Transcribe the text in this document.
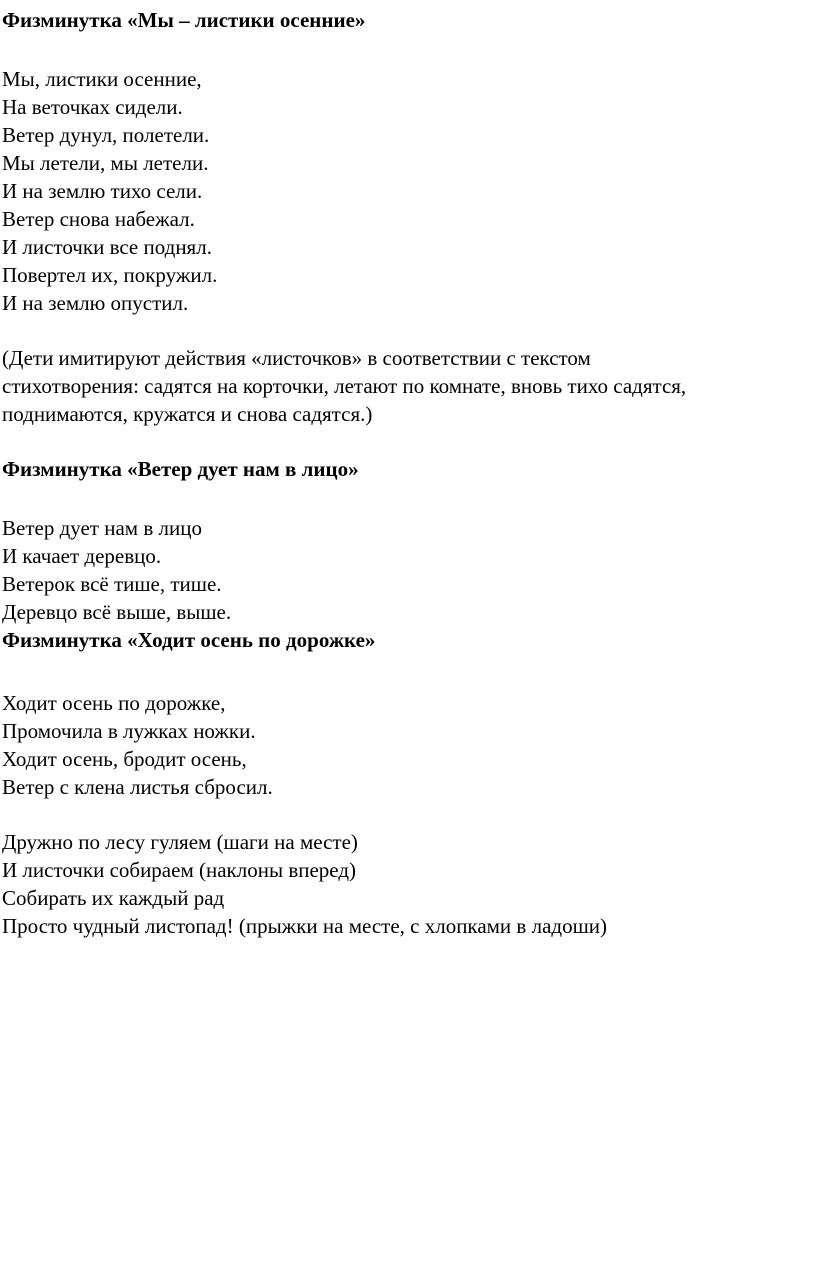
Физминутка «Мы – листики осенние»
Мы, листики осенние,
На веточках сидели.
Ветер дунул, полетели.
Мы летели, мы летели.
И на землю тихо сели.
Ветер снова набежал.
И листочки все поднял.
Повертел их, покружил.
И на землю опустил.
(Дети имитируют действия «листочков» в соответствии с текстом
стихотворения: садятся на корточки, летают по комнате, вновь тихо садятся,
поднимаются, кружатся и снова садятся.)
Физминутка «Ветер дует нам в лицо»
Ветер дует нам в лицо
И качает деревцо.
Ветерок всё тише, тише.
Деревцо всё выше, выше.
Физминутка «Ходит осень по дорожке»
Ходит осень по дорожке,
Промочила в лужках ножки.
Ходит осень, бродит осень,
Ветер с клена листья сбросил.
Дружно по лесу гуляем (шаги на месте)
И листочки собираем (наклоны вперед)
Собирать их каждый рад
Просто чудный листопад! (прыжки на месте, с хлопками в ладоши)
